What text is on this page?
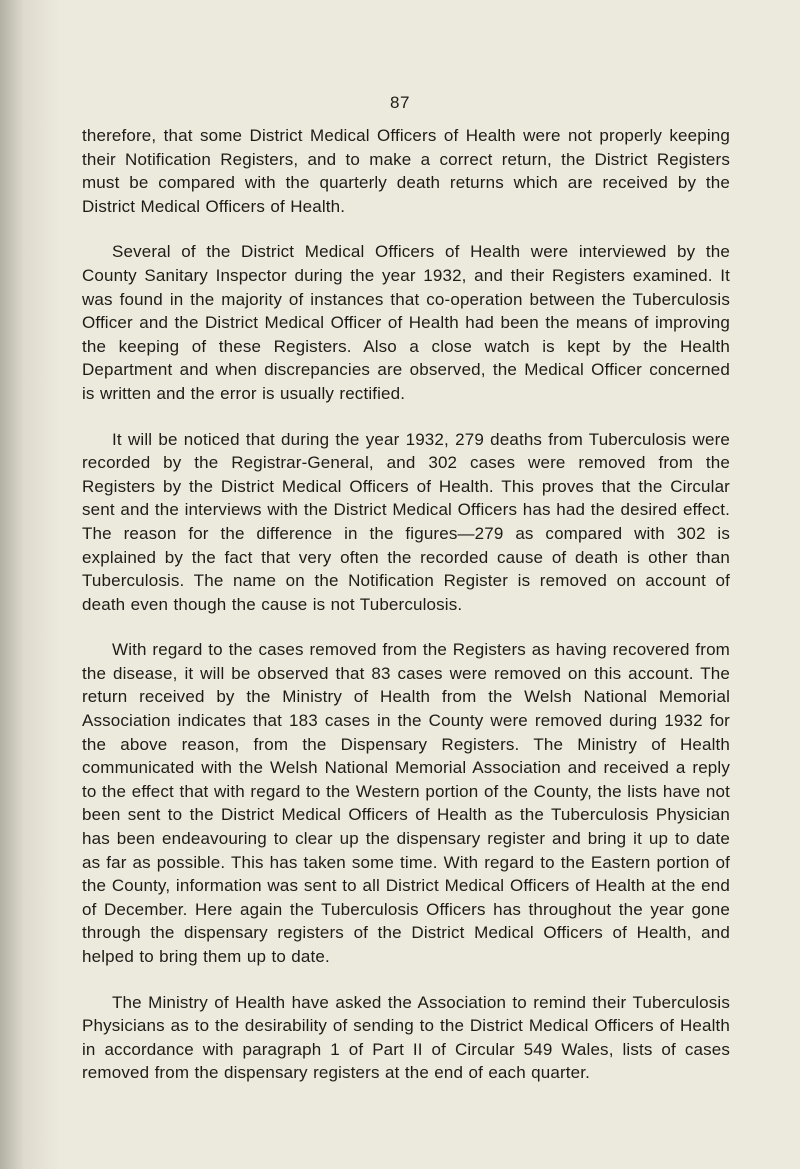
87

therefore, that some District Medical Officers of Health were not properly keeping their Notification Registers, and to make a correct return, the District Registers must be compared with the quarterly death returns which are received by the District Medical Officers of Health.

Several of the District Medical Officers of Health were interviewed by the County Sanitary Inspector during the year 1932, and their Registers examined. It was found in the majority of instances that co-operation between the Tuberculosis Officer and the District Medical Officer of Health had been the means of improving the keeping of these Registers. Also a close watch is kept by the Health Department and when discrepancies are observed, the Medical Officer concerned is written and the error is usually rectified.

It will be noticed that during the year 1932, 279 deaths from Tuberculosis were recorded by the Registrar-General, and 302 cases were removed from the Registers by the District Medical Officers of Health. This proves that the Circular sent and the interviews with the District Medical Officers has had the desired effect. The reason for the difference in the figures—279 as compared with 302 is explained by the fact that very often the recorded cause of death is other than Tuberculosis. The name on the Notification Register is removed on account of death even though the cause is not Tuberculosis.

With regard to the cases removed from the Registers as having recovered from the disease, it will be observed that 83 cases were removed on this account. The return received by the Ministry of Health from the Welsh National Memorial Association indicates that 183 cases in the County were removed during 1932 for the above reason, from the Dispensary Registers. The Ministry of Health communicated with the Welsh National Memorial Association and received a reply to the effect that with regard to the Western portion of the County, the lists have not been sent to the District Medical Officers of Health as the Tuberculosis Physician has been endeavouring to clear up the dispensary register and bring it up to date as far as possible. This has taken some time. With regard to the Eastern portion of the County, information was sent to all District Medical Officers of Health at the end of December. Here again the Tuberculosis Officers has throughout the year gone through the dispensary registers of the District Medical Officers of Health, and helped to bring them up to date.

The Ministry of Health have asked the Association to remind their Tuberculosis Physicians as to the desirability of sending to the District Medical Officers of Health in accordance with paragraph 1 of Part II of Circular 549 Wales, lists of cases removed from the dispensary registers at the end of each quarter.
